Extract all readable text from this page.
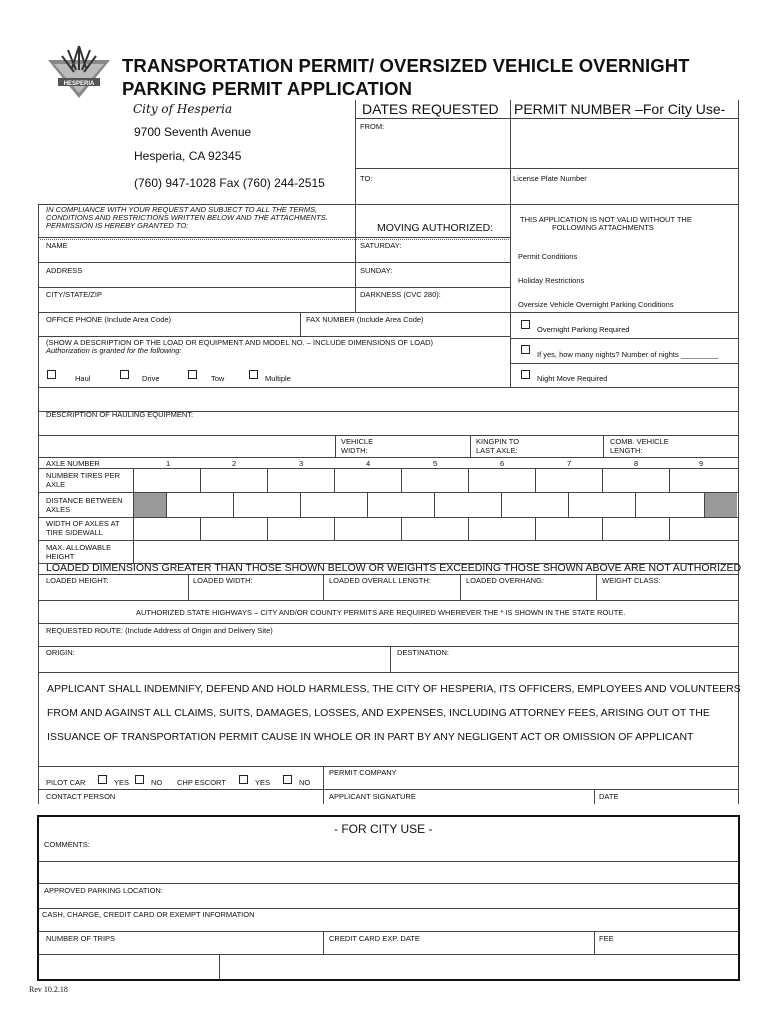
HESPERIA
TRANSPORTATION PERMIT/ OVERSIZED VEHICLE OVERNIGHT
PARKING PERMIT APPLICATION
City of Hesperia
9700 Seventh Avenue
Hesperia, CA 92345
(760) 947-1028 Fax (760) 244-2515
DATES REQUESTED PERMIT NUMBER –For City Use-
FROM:
TO:	License Plate Number
IN COMPLIANCE WITH YOUR REQUEST AND SUBJECT TO ALL THE TERMS,
CONDITIONS AND RESTRICTIONS WRITTEN BELOW AND THE ATTACHMENTS.
PERMISSION IS HEREBY GRANTED TO:	MOVING AUTHORIZED:
THIS APPLICATION IS NOT VALID WITHOUT THE
FOLLOWING ATTACHMENTS
NAME	SATURDAY:
Permit Conditions
ADDRESS	SUNDAY:
Holiday Restrictions
CITY/STATE/ZIP	DARKNESS (CVC 280):
Oversize Vehicle Overnight Parking Conditions
OFFICE PHONE (Include Area Code)	FAX NUMBER (Include Area Code)
Overnight Parking Required
(SHOW A DESCRIPTION OF THE LOAD OR EQUIPMENT AND MODEL NO. – INCLUDE DIMENSIONS OF LOAD)
Authorization is granted for the following:	If yes, how many nights? Number of nights _________
Haul	Drive	Tow	Multiple	Night Move Required
DESCRIPTION OF HAULING EQUIPMENT:
VEHICLE
WIDTH:
KINGPIN TO
LAST AXLE:
COMB. VEHICLE
LENGTH:
AXLE NUMBER	1	2	3	4	5	6	7	8	9
NUMBER TIRES PER
AXLE
DISTANCE BETWEEN
AXLES
WIDTH OF AXLES AT
TIRE SIDEWALL
MAX. ALLOWABLE
HEIGHT
LOADED DIMENSIONS GREATER THAN THOSE SHOWN BELOW OR WEIGHTS EXCEEDING THOSE SHOWN ABOVE ARE NOT AUTHORIZED
LOADED HEIGHT:	LOADED WIDTH:	LOADED OVERALL LENGTH:	LOADED OVERHANG:	WEIGHT CLASS:
AUTHORIZED STATE HIGHWAYS – CITY AND/OR COUNTY PERMITS ARE REQUIRED WHEREVER THE * IS SHOWN IN THE STATE ROUTE.
REQUESTED ROUTE: (Include Address of Origin and Delivery Site)
ORIGIN:	DESTINATION:
APPLICANT SHALL INDEMNIFY, DEFEND AND HOLD HARMLESS, THE CITY OF HESPERIA, ITS OFFICERS, EMPLOYEES AND VOLUNTEERS
FROM AND AGAINST ALL CLAIMS, SUITS, DAMAGES, LOSSES, AND EXPENSES, INCLUDING ATTORNEY FEES, ARISING OUT OT THE
ISSUANCE OF TRANSPORTATION PERMIT CAUSE IN WHOLE OR IN PART BY ANY NEGLIGENT ACT OR OMISSION OF APPLICANT
PILOT CAR	YES	NO CHP ESCORT	YES	NO
PERMIT COMPANY
CONTACT PERSON	APPLICANT SIGNATURE	DATE
- FOR CITY USE -
COMMENTS:
APPROVED PARKING LOCATION:
CASH, CHARGE, CREDIT CARD OR EXEMPT INFORMATION
NUMBER OF TRIPS	CREDIT CARD EXP. DATE	FEE
Rev 10.2.18
